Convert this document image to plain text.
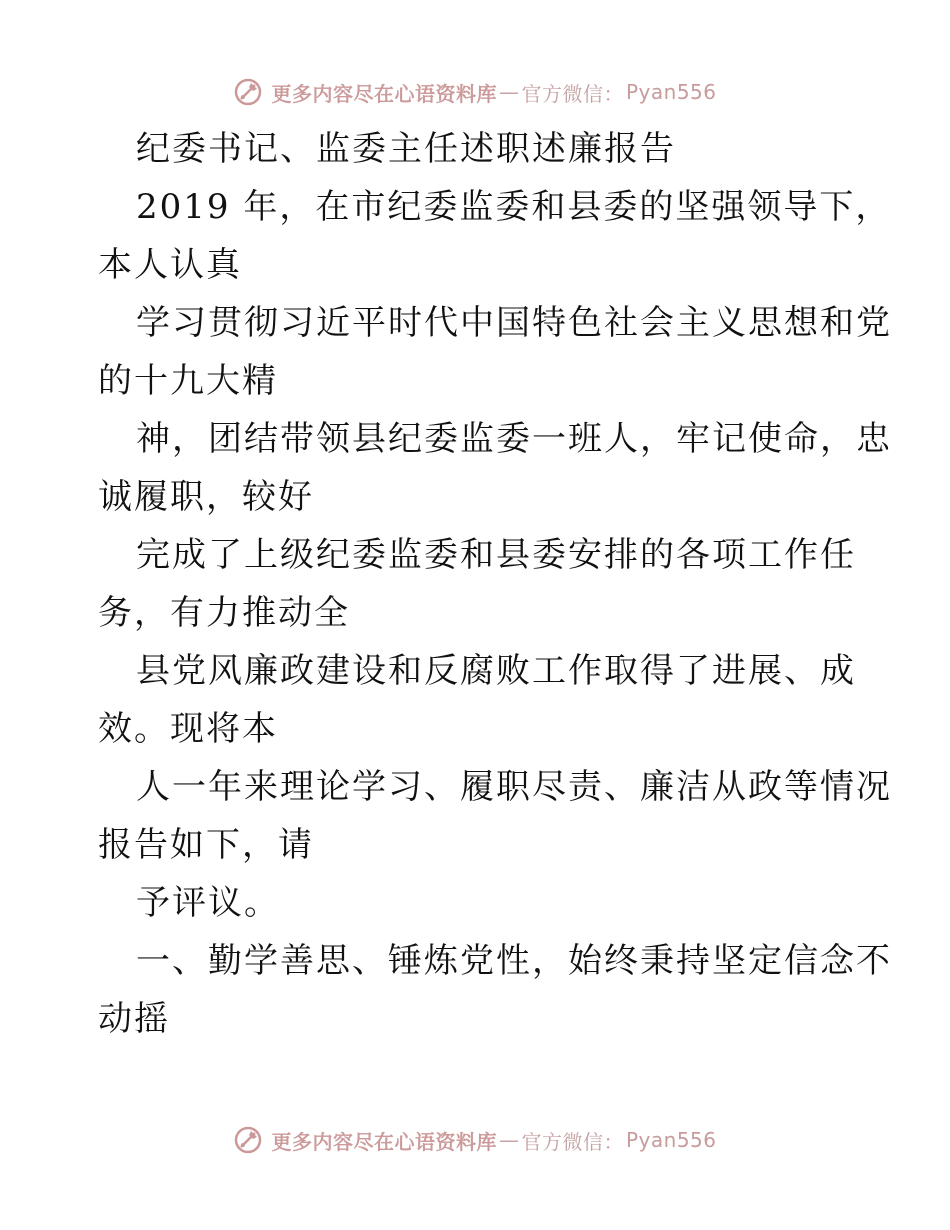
更多内容尽在心语资料库 — 官方微信： Pyan556
纪委书记、监委主任述职述廉报告
2019 年，在市纪委监委和县委的坚强领导下，
本人认真
学习贯彻习近平时代中国特色社会主义思想和党
的十九大精
神，团结带领县纪委监委一班人，牢记使命，忠
诚履职，较好
完成了上级纪委监委和县委安排的各项工作任
务，有力推动全
县党风廉政建设和反腐败工作取得了进展、成
效。现将本
人一年来理论学习、履职尽责、廉洁从政等情况
报告如下，请
予评议。
一、勤学善思、锤炼党性，始终秉持坚定信念不
动摇
更多内容尽在心语资料库 — 官方微信： Pyan556
